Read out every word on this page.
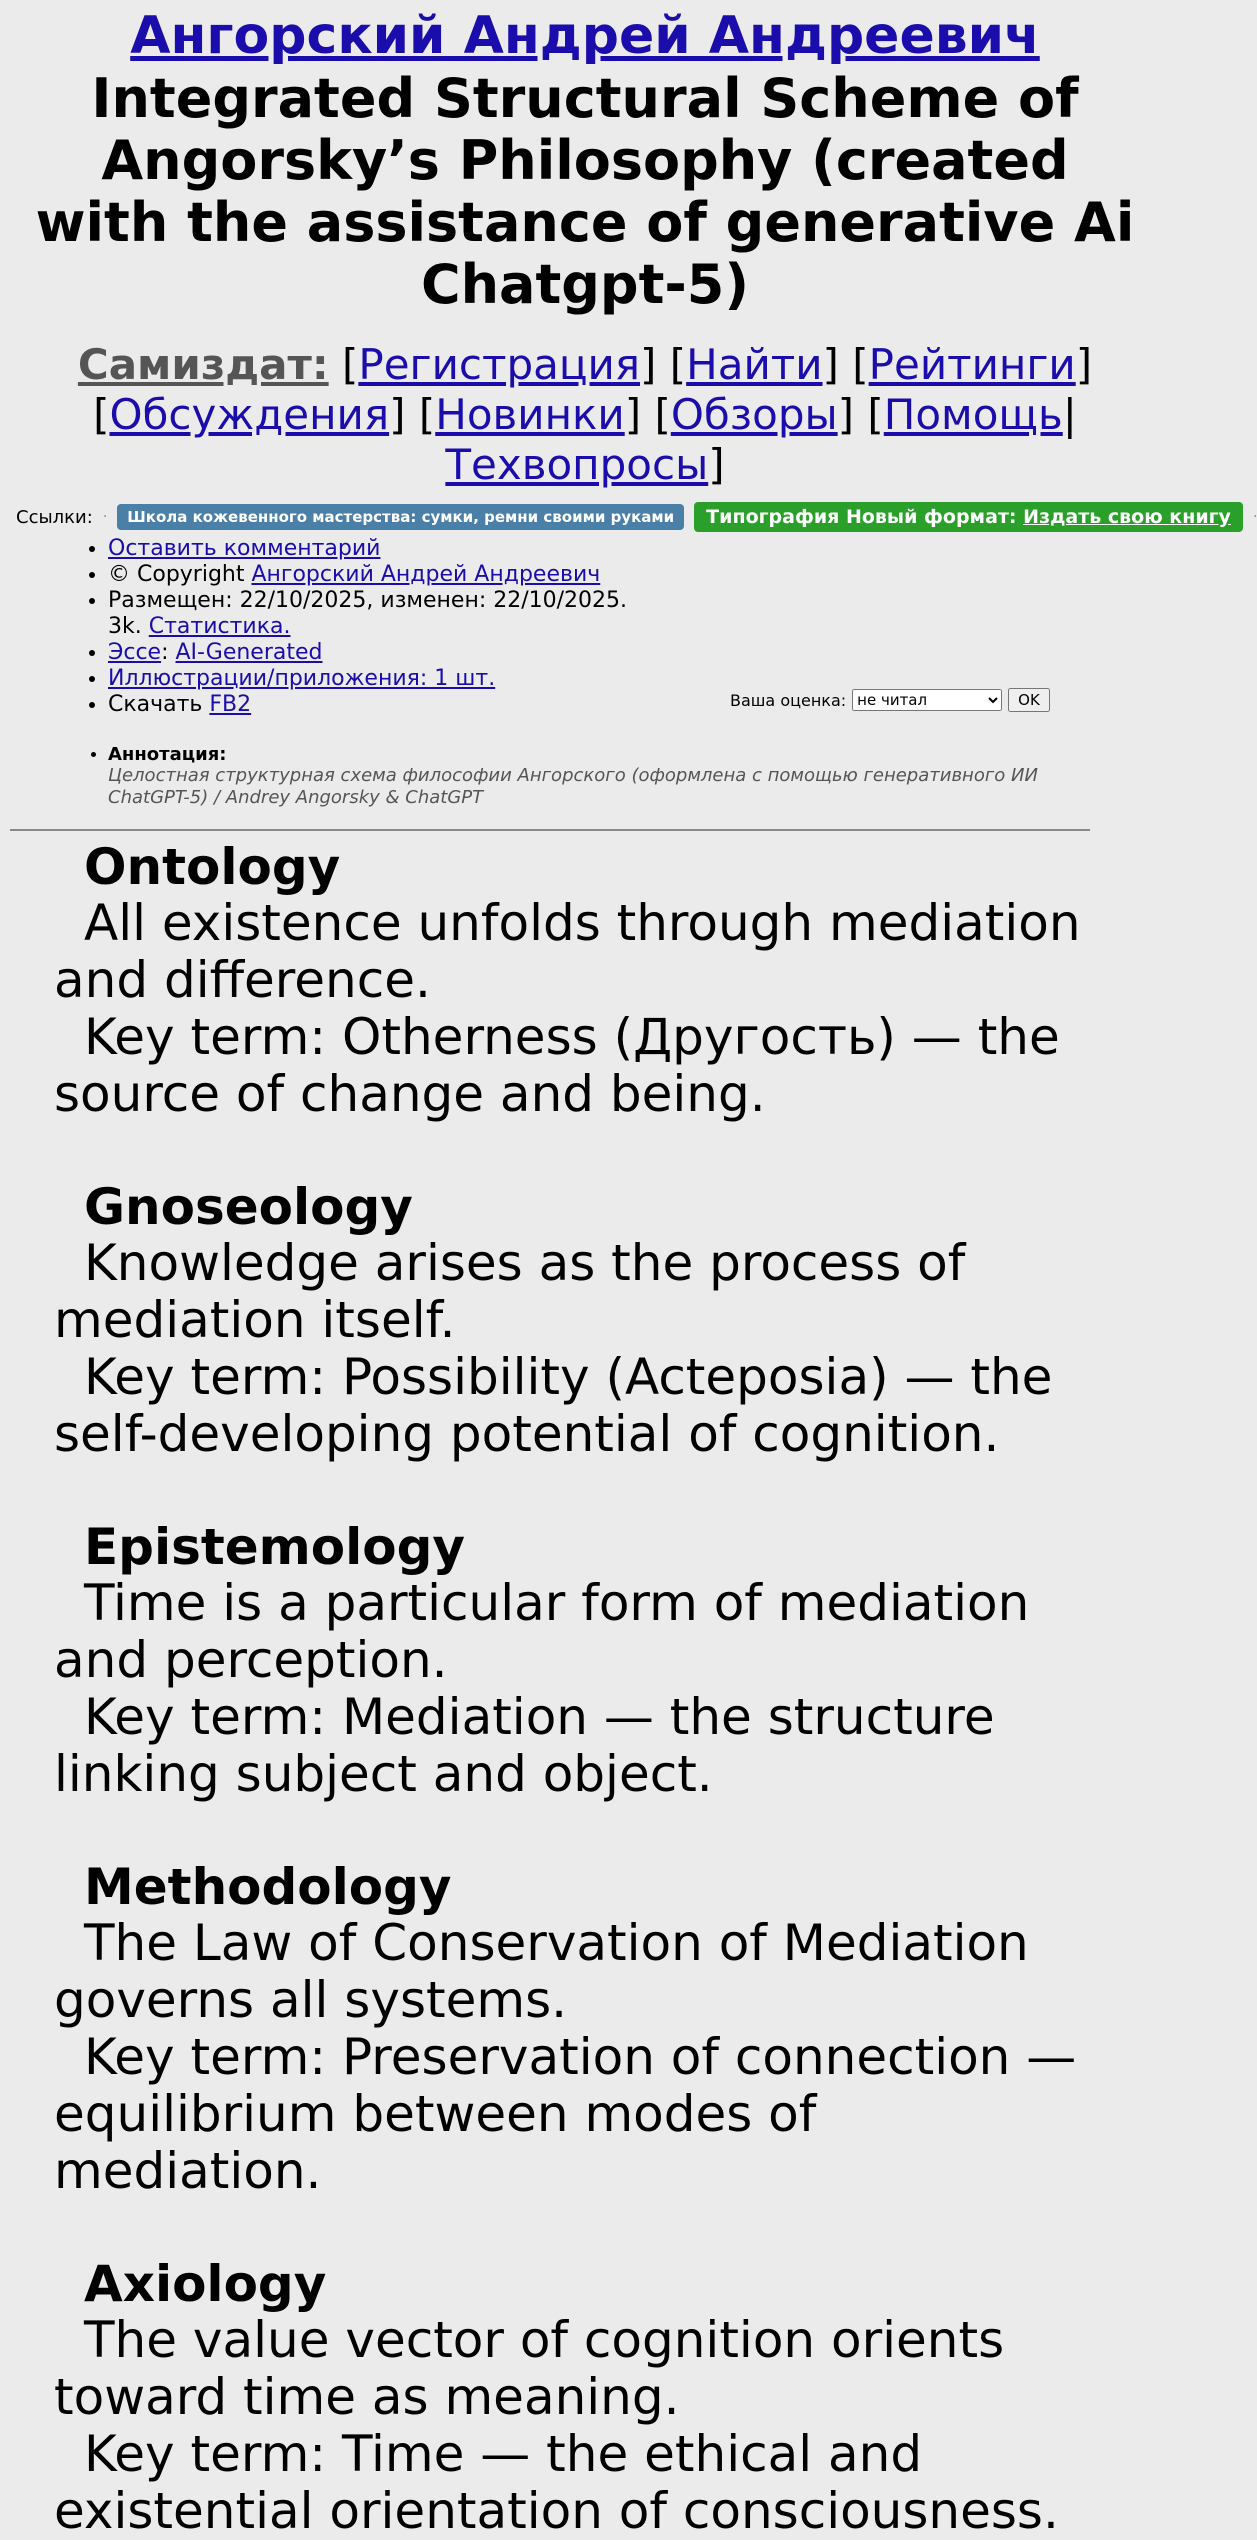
Ангорский Андрей Андреевич
Integrated Structural Scheme of Angorsky’s Philosophy (created with the assistance of generative Ai Chatgpt-5)
Самиздат: [Регистрация] [Найти] [Рейтинги] [Обсуждения] [Новинки] [Обзоры] [Помощь| Техвопросы]
Ссылки: ·	Школа кожевенного мастерства: сумки, ремни своими руками	Типография Новый формат: Издать свою книгу	·
• Оставить комментарий
• © Copyright Ангорский Андрей Андреевич
• Размещен: 22/10/2025, изменен: 22/10/2025.
3k. Статистика.
• Эссе: AI-Generated
• Иллюстрации/приложения: 1 шт.
• Скачать FB2	Ваша оценка:
не читал	OK
• Аннотация:
Целостная структурная схема философии Ангорского (оформлена с помощью генеративного ИИ ChatGPT-5) / Andrey Angorsky & ChatGPT
Ontology

All existence unfolds through mediation and difference.

Key term: Otherness (Другость) — the source of change and being.

Gnoseology

Knowledge arises as the process of mediation itself.

Key term: Possibility (Acteposia) — the self-developing potential of cognition.

Epistemology

Time is a particular form of mediation and perception.

Key term: Mediation — the structure linking subject and object.

Methodology

The Law of Conservation of Mediation governs all systems.

Key term: Preservation of connection — equilibrium between modes of mediation.

Axiology

The value vector of cognition orients toward time as meaning.

Key term: Time — the ethical and existential orientation of consciousness.
